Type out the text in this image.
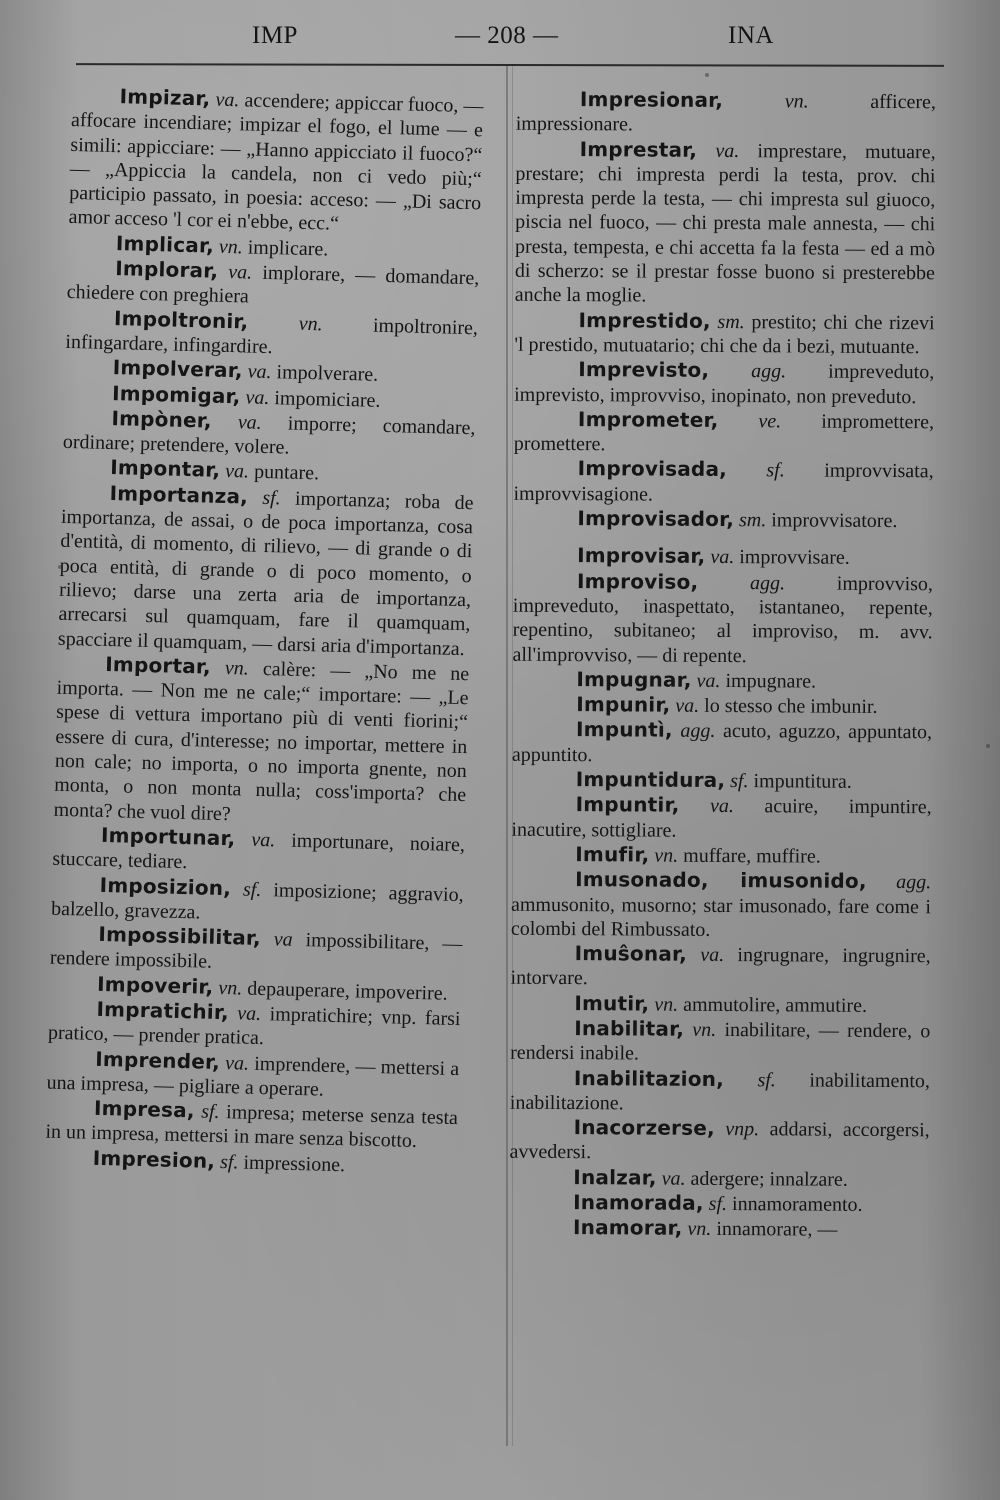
IMP	— 208 —	INA

Impizar, va. accendere; appiccar fuoco, — affocare incendiare; impizar el fogo, el lume — e simili: appicciare: — „Hanno appicciato il fuoco?“ — „Appiccia la candela, non ci vedo più;“ participio passato, in poesia: acceso: — „Di sacro amor acceso 'l cor ei n'ebbe, ecc.“

Implicar, vn. implicare.

Implorar, va. implorare, — domandare, chiedere con preghiera

Impoltronir, vn. impoltronire, infingardare, infingardire.

Impolverar, va. impolverare.

Impomigar, va. impomiciare.

Impòner, va. imporre; comandare, ordinare; pretendere, volere.

Impontar, va. puntare.

Importanza, sf. importanza; roba de importanza, de assai, o de poca importanza, cosa d'entità, di momento, di rilievo, — di grande o di poca entità, di grande o di poco momento, o rilievo; darse una zerta aria de importanza, arrecarsi sul quamquam, fare il quamquam, spacciare il quamquam, — darsi aria d'importanza.

Importar, vn. calère: — „No me ne importa. — Non me ne cale;“ importare: — „Le spese di vettura importano più di venti fiorini;“ essere di cura, d'interesse; no importar, mettere in non cale; no importa, o no importa gnente, non monta, o non monta nulla; coss'importa? che monta? che vuol dire?

Importunar, va. importunare, noiare, stuccare, tediare.

Imposizion, sf. imposizione; aggravio, balzello, gravezza.

Impossibilitar, va impossibilitare, — rendere impossibile.

Impoverir, vn. depauperare, impoverire.

Impratichir, va. impratichire; vnp. farsi pratico, — prender pratica.

Imprender, va. imprendere, — mettersi a una impresa, — pigliare a operare.

Impresa, sf. impresa; meterse senza testa in un impresa, mettersi in mare senza biscotto.

Impresion, sf. impressione.

Impresionar,	vn.	afficere, impressionare.

Imprestar, va. imprestare, mutuare, prestare; chi impresta perdi la testa, prov. chi impresta perde la testa, — chi impresta sul giuoco, piscia nel fuoco, — chi presta male annesta, — chi presta, tempesta, e chi accetta fa la festa — ed a mò di scherzo: se il prestar fosse buono si presterebbe anche la moglie.

Imprestido, sm. prestito; chi che rizevi 'l prestido, mutuatario; chi che da i bezi, mutuante.

Imprevisto, agg. impreveduto, imprevisto, improvviso, inopinato, non preveduto.

Imprometer, ve. impromettere, promettere.

Improvisada, sf. improvvisata, improvvisagione.

Improvisador, sm. improvvisatore.

Improvisar, va. improvvisare.

Improviso,	agg.	improvviso, impreveduto, inaspettato, istantaneo, repente, repentino, subitaneo; al improviso, m. avv. all'improvviso, — di repente.

Impugnar, va. impugnare.

Impunir, va. lo stesso che imbunir.

Impuntì, agg. acuto, aguzzo, appuntato, appuntito.

Impuntidura, sf. impuntitura.

Impuntir, va. acuire, impuntire, inacutire, sottigliare.

Imufir, vn. muffare, muffire.

Imusonado, imusonido, agg. ammusonito, musorno; star imusonado, fare come i colombi del Rimbussato.

Imuŝonar, va. ingrugnare, ingrugnire, intorvare.

Imutir, vn. ammutolire, ammutire.

Inabilitar, vn. inabilitare, — rendere, o rendersi inabile.

Inabilitazion, sf. inabilitamento, inabilitazione.

Inacorzerse, vnp. addarsi, accorgersi, avvedersi.

Inalzar, va. adergere; innalzare.

Inamorada, sf. innamoramento.

Inamorar, vn. innamorare, —
